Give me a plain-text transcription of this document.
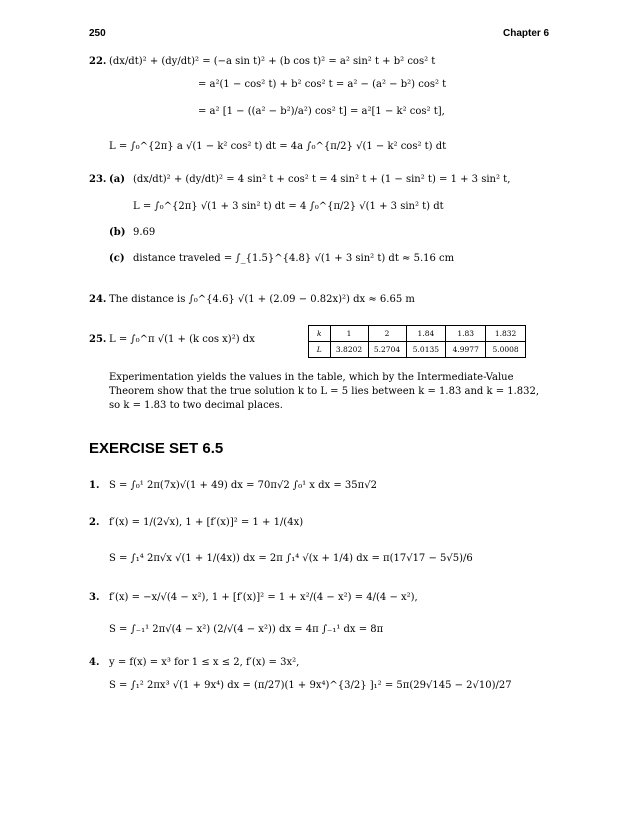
250	Chapter 6
22. (dx/dt)² + (dy/dt)² = (−a sin t)² + (b cos t)² = a² sin² t + b² cos² t
= a²(1 − cos² t) + b² cos² t = a² − (a² − b²) cos² t
= a² [1 − ((a² − b²)/a²) cos² t] = a²[1 − k² cos² t],
L = ∫₀^{2π} a √(1 − k² cos² t) dt = 4a ∫₀^{π/2} √(1 − k² cos² t) dt
23. (a) (dx/dt)² + (dy/dt)² = 4 sin² t + cos² t = 4 sin² t + (1 − sin² t) = 1 + 3 sin² t,
L = ∫₀^{2π} √(1 + 3 sin² t) dt = 4 ∫₀^{π/2} √(1 + 3 sin² t) dt
(b) 9.69
(c) distance traveled = ∫_{1.5}^{4.8} √(1 + 3 sin² t) dt ≈ 5.16 cm
24. The distance is ∫₀^{4.6} √(1 + (2.09 − 0.82x)²) dx ≈ 6.65 m
25. L = ∫₀^π √(1 + (k cos x)²) dx
k	1	2	1.84	1.83	1.832
L	3.8202	5.2704	5.0135	4.9977	5.0008
Experimentation yields the values in the table, which by the Intermediate-Value Theorem show that the true solution k to L = 5 lies between k = 1.83 and k = 1.832, so k = 1.83 to two decimal places.
EXERCISE SET 6.5
1. S = ∫₀¹ 2π(7x)√(1 + 49) dx = 70π√2 ∫₀¹ x dx = 35π√2
2. f′(x) = 1/(2√x), 1 + [f′(x)]² = 1 + 1/(4x)
S = ∫₁⁴ 2π√x √(1 + 1/(4x)) dx = 2π ∫₁⁴ √(x + 1/4) dx = π(17√17 − 5√5)/6
3. f′(x) = −x/√(4 − x²), 1 + [f′(x)]² = 1 + x²/(4 − x²) = 4/(4 − x²),
S = ∫₋₁¹ 2π√(4 − x²) (2/√(4 − x²)) dx = 4π ∫₋₁¹ dx = 8π
4. y = f(x) = x³ for 1 ≤ x ≤ 2, f′(x) = 3x²,
S = ∫₁² 2πx³ √(1 + 9x⁴) dx = (π/27)(1 + 9x⁴)^{3/2} ]₁² = 5π(29√145 − 2√10)/27
